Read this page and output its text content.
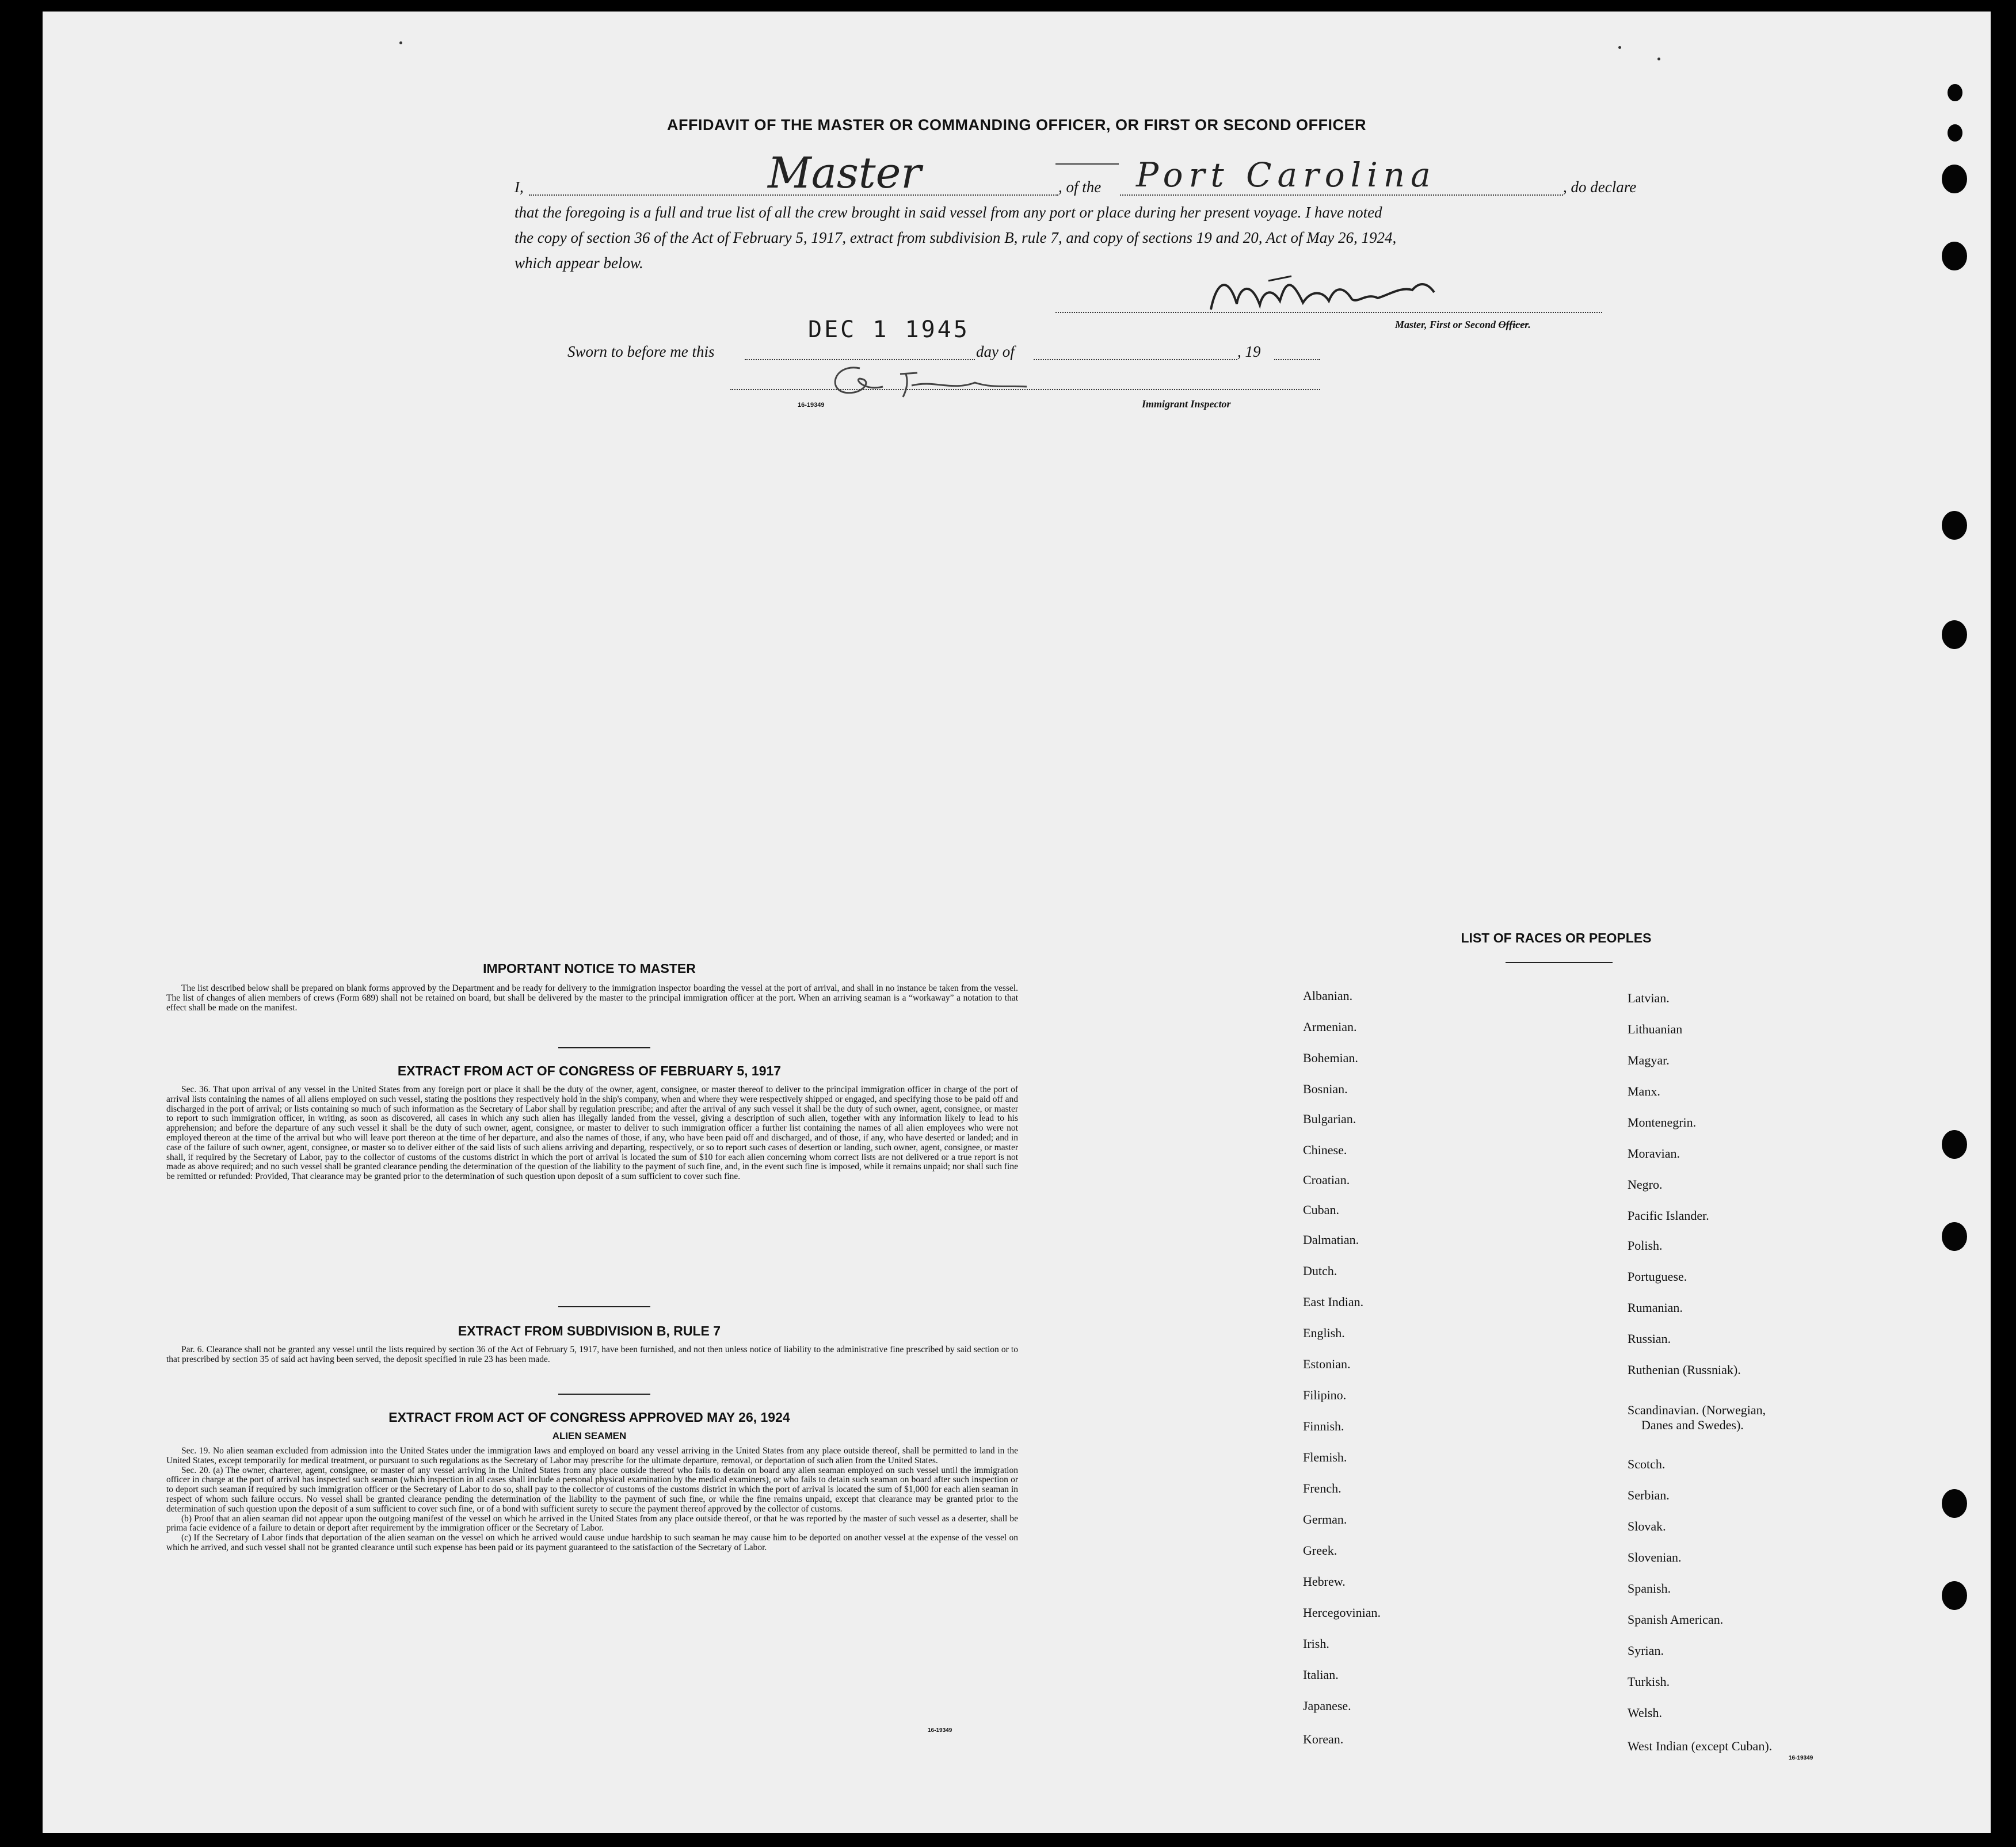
AFFIDAVIT OF THE MASTER OR COMMANDING OFFICER, OR FIRST OR SECOND OFFICER
I,	Master	, of the Port Carolina	, do declare
that the foregoing is a full and true list of all the crew brought in said vessel from any port or place during her present voyage. I have noted
the copy of section 36 of the Act of February 5, 1917, extract from subdivision B, rule 7, and copy of sections 19 and 20, Act of May 26, 1924,
which appear below.
Master, First or Second Officer.
Sworn to before me this
DEC 1 1945
day of	, 19
16-19349	Immigrant Inspector
IMPORTANT NOTICE TO MASTER

The list described below shall be prepared on blank forms approved by the Department and be ready for delivery to the immigration inspector boarding the vessel at the port of arrival, and shall in no instance be taken from the vessel. The list of changes of alien members of crews (Form 689) shall not be retained on board, but shall be delivered by the master to the principal immigration officer at the port. When an arriving seaman is a “workaway” a notation to that effect shall be made on the manifest.

EXTRACT FROM ACT OF CONGRESS OF FEBRUARY 5, 1917

Sec. 36. That upon arrival of any vessel in the United States from any foreign port or place it shall be the duty of the owner, agent, consignee, or master thereof to deliver to the principal immigration officer in charge of the port of arrival lists containing the names of all aliens employed on such vessel, stating the positions they respectively hold in the ship's company, when and where they were respectively shipped or engaged, and specifying those to be paid off and discharged in the port of arrival; or lists containing so much of such information as the Secretary of Labor shall by regulation prescribe; and after the arrival of any such vessel it shall be the duty of such owner, agent, consignee, or master to report to such immigration officer, in writing, as soon as discovered, all cases in which any such alien has illegally landed from the vessel, giving a description of such alien, together with any information likely to lead to his apprehension; and before the departure of any such vessel it shall be the duty of such owner, agent, consignee, or master to deliver to such immigration officer a further list containing the names of all alien employees who were not employed thereon at the time of the arrival but who will leave port thereon at the time of her departure, and also the names of those, if any, who have been paid off and discharged, and of those, if any, who have deserted or landed; and in case of the failure of such owner, agent, consignee, or master so to deliver either of the said lists of such aliens arriving and departing, respectively, or so to report such cases of desertion or landing, such owner, agent, consignee, or master shall, if required by the Secretary of Labor, pay to the collector of customs of the customs district in which the port of arrival is located the sum of $10 for each alien concerning whom correct lists are not delivered or a true report is not made as above required; and no such vessel shall be granted clearance pending the determination of the question of the liability to the payment of such fine, and, in the event such fine is imposed, while it remains unpaid; nor shall such fine be remitted or refunded: Provided, That clearance may be granted prior to the determination of such question upon deposit of a sum sufficient to cover such fine.

EXTRACT FROM SUBDIVISION B, RULE 7

Par. 6. Clearance shall not be granted any vessel until the lists required by section 36 of the Act of February 5, 1917, have been furnished, and not then unless notice of liability to the administrative fine prescribed by said section or to that prescribed by section 35 of said act having been served, the deposit specified in rule 23 has been made.

EXTRACT FROM ACT OF CONGRESS APPROVED MAY 26, 1924
ALIEN SEAMEN

Sec. 19. No alien seaman excluded from admission into the United States under the immigration laws and employed on board any vessel arriving in the United States from any place outside thereof, shall be permitted to land in the United States, except temporarily for medical treatment, or pursuant to such regulations as the Secretary of Labor may prescribe for the ultimate departure, removal, or deportation of such alien from the United States.

Sec. 20. (a) The owner, charterer, agent, consignee, or master of any vessel arriving in the United States from any place outside thereof who fails to detain on board any alien seaman employed on such vessel until the immigration officer in charge at the port of arrival has inspected such seaman (which inspection in all cases shall include a personal physical examination by the medical examiners), or who fails to detain such seaman on board after such inspection or to deport such seaman if required by such immigration officer or the Secretary of Labor to do so, shall pay to the collector of customs of the customs district in which the port of arrival is located the sum of $1,000 for each alien seaman in respect of whom such failure occurs. No vessel shall be granted clearance pending the determination of the liability to the payment of such fine, or while the fine remains unpaid, except that clearance may be granted prior to the determination of such question upon the deposit of a sum sufficient to cover such fine, or of a bond with sufficient surety to secure the payment thereof approved by the collector of customs.

(b) Proof that an alien seaman did not appear upon the outgoing manifest of the vessel on which he arrived in the United States from any place outside thereof, or that he was reported by the master of such vessel as a deserter, shall be prima facie evidence of a failure to detain or deport after requirement by the immigration officer or the Secretary of Labor.

(c) If the Secretary of Labor finds that deportation of the alien seaman on the vessel on which he arrived would cause undue hardship to such seaman he may cause him to be deported on another vessel at the expense of the vessel on which he arrived, and such vessel shall not be granted clearance until such expense has been paid or its payment guaranteed to the satisfaction of the Secretary of Labor.

16-19349
LIST OF RACES OR PEOPLES
Albanian.
Armenian.
Bohemian.
Bosnian.
Bulgarian.
Chinese.
Croatian.
Cuban.
Dalmatian.
Dutch.
East Indian.
English.
Estonian.
Filipino.
Finnish.
Flemish.
French.
German.
Greek.
Hebrew.
Hercegovinian.
Irish.
Italian.
Japanese.
Korean.
Latvian.
Lithuanian
Magyar.
Manx.
Montenegrin.
Moravian.
Negro.
Pacific Islander.
Polish.
Portuguese.
Rumanian.
Russian.
Ruthenian (Russniak).
Scandinavian. (Norwegian,
Danes and Swedes).
Scotch.
Serbian.
Slovak.
Slovenian.
Spanish.
Spanish American.
Syrian.
Turkish.
Welsh.
West Indian (except Cuban).
16-19349
